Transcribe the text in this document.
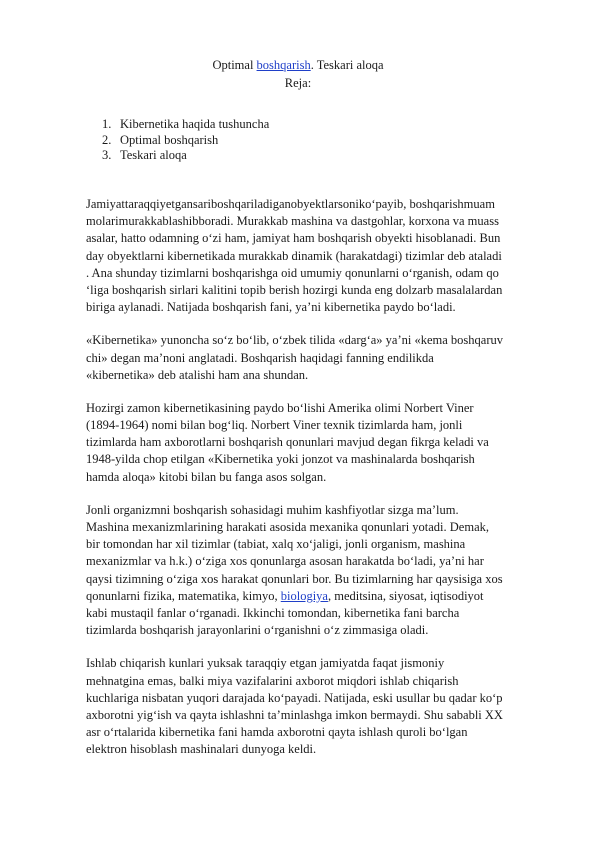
Optimal boshqarish. Teskari aloqa
Reja:
1. Kibernetika haqida tushuncha
2. Optimal boshqarish
3. Teskari aloqa

Jamiyattaraqqiyetgansariboshqariladiganobyektlarsoniko‘payib, boshqarishmuam
molarimurakkablashibboradi. Murakkab mashina va dastgohlar, korxona va muass
asalar, hatto odamning o‘zi ham, jamiyat ham boshqarish obyekti hisoblanadi. Bun
day obyektlarni kibernetikada murakkab dinamik (harakatdagi) tizimlar deb ataladi
. Ana shunday tizimlarni boshqarishga oid umumiy qonunlarni o‘rganish, odam qo
‘liga boshqarish sirlari kalitini topib berish hozirgi kunda eng dolzarb masalalardan
biriga aylanadi. Natijada boshqarish fani, ya’ni kibernetika paydo bo‘ladi.

«Kibernetika» yunoncha so‘z bo‘lib, o‘zbek tilida «darg‘a» ya’ni «kema boshqaruv
chi» degan ma’noni anglatadi. Boshqarish haqidagi fanning endilikda
«kibernetika» deb atalishi ham ana shundan.

Hozirgi zamon kibernetikasining paydo bo‘lishi Amerika olimi Norbert Viner
(1894-1964) nomi bilan bog‘liq. Norbert Viner texnik tizimlarda ham, jonli
tizimlarda ham axborotlarni boshqarish qonunlari mavjud degan fikrga keladi va
1948-yilda chop etilgan «Kibernetika yoki jonzot va mashinalarda boshqarish
hamda aloqa» kitobi bilan bu fanga asos solgan.

Jonli organizmni boshqarish sohasidagi muhim kashfiyotlar sizga ma’lum.
Mashina mexanizmlarining harakati asosida mexanika qonunlari yotadi. Demak,
bir tomondan har xil tizimlar (tabiat, xalq xo‘jaligi, jonli organism, mashina
mexanizmlar va h.k.) o‘ziga xos qonunlarga asosan harakatda bo‘ladi, ya’ni har
qaysi tizimning o‘ziga xos harakat qonunlari bor. Bu tizimlarning har qaysisiga xos
qonunlarni fizika, matematika, kimyo, biologiya, meditsina, siyosat, iqtisodiyot
kabi mustaqil fanlar o‘rganadi. Ikkinchi tomondan, kibernetika fani barcha
tizimlarda boshqarish jarayonlarini o‘rganishni o‘z zimmasiga oladi.

Ishlab chiqarish kunlari yuksak taraqqiy etgan jamiyatda faqat jismoniy
mehnatgina emas, balki miya vazifalarini axborot miqdori ishlab chiqarish
kuchlariga nisbatan yuqori darajada ko‘payadi. Natijada, eski usullar bu qadar ko‘p
axborotni yig‘ish va qayta ishlashni ta’minlashga imkon bermaydi. Shu sababli XX
asr o‘rtalarida kibernetika fani hamda axborotni qayta ishlash quroli bo‘lgan
elektron hisoblash mashinalari dunyoga keldi.
